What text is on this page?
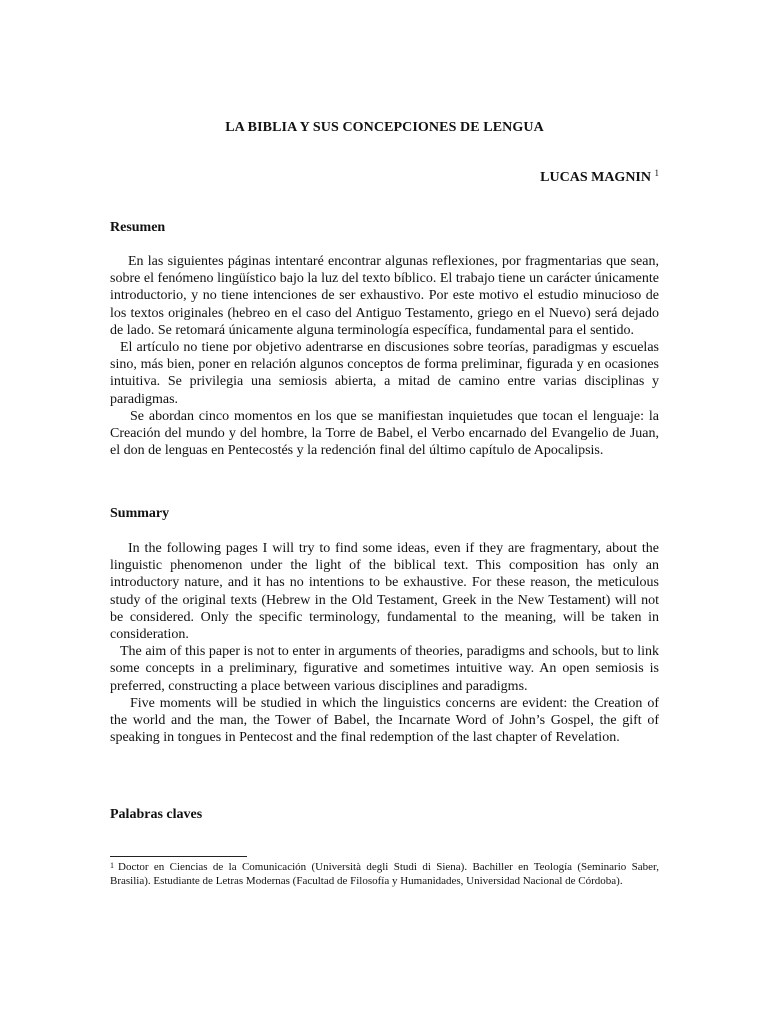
LA BIBLIA Y SUS CONCEPCIONES DE LENGUA
LUCAS MAGNIN $^1$
Resumen

En las siguientes páginas intentaré encontrar algunas reflexiones, por fragmentarias que sean, sobre el fenómeno lingüístico bajo la luz del texto bíblico. El trabajo tiene un carácter únicamente introductorio, y no tiene intenciones de ser exhaustivo. Por este motivo el estudio minucioso de los textos originales (hebreo en el caso del Antiguo Testamento, griego en el Nuevo) será dejado de lado. Se retomará únicamente alguna terminología específica, fundamental para el sentido.

El artículo no tiene por objetivo adentrarse en discusiones sobre teorías, paradigmas y escuelas sino, más bien, poner en relación algunos conceptos de forma preliminar, figurada y en ocasiones intuitiva. Se privilegia una semiosis abierta, a mitad de camino entre varias disciplinas y paradigmas.

Se abordan cinco momentos en los que se manifiestan inquietudes que tocan el lenguaje: la Creación del mundo y del hombre, la Torre de Babel, el Verbo encarnado del Evangelio de Juan, el don de lenguas en Pentecostés y la redención final del último capítulo de Apocalipsis.

Summary

In the following pages I will try to find some ideas, even if they are fragmentary, about the linguistic phenomenon under the light of the biblical text. This composition has only an introductory nature, and it has no intentions to be exhaustive. For these reason, the meticulous study of the original texts (Hebrew in the Old Testament, Greek in the New Testament) will not be considered. Only the specific terminology, fundamental to the meaning, will be taken in consideration.

The aim of this paper is not to enter in arguments of theories, paradigms and schools, but to link some concepts in a preliminary, figurative and sometimes intuitive way. An open semiosis is preferred, constructing a place between various disciplines and paradigms.

Five moments will be studied in which the linguistics concerns are evident: the Creation of the world and the man, the Tower of Babel, the Incarnate Word of John’s Gospel, the gift of speaking in tongues in Pentecost and the final redemption of the last chapter of Revelation.

Palabras claves
$^1$ Doctor en Ciencias de la Comunicación (Università degli Studi di Siena). Bachiller en Teología (Seminario Saber, Brasilia). Estudiante de Letras Modernas (Facultad de Filosofía y Humanidades, Universidad Nacional de Córdoba).
